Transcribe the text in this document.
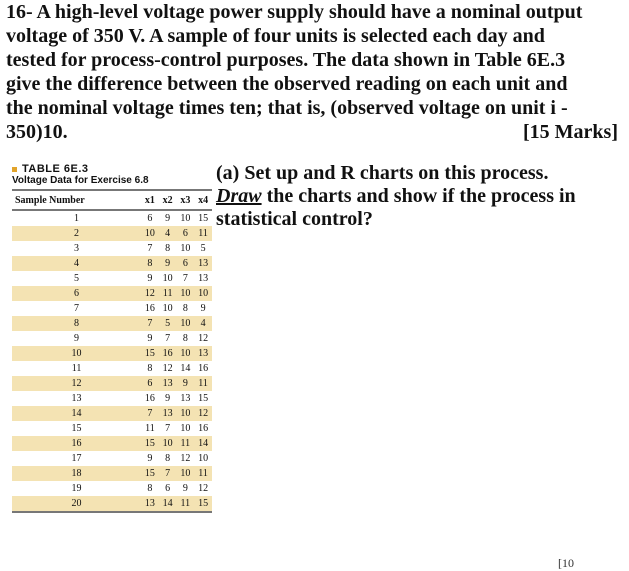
16- A high-level voltage power supply should have a nominal output
voltage of 350 V. A sample of four units is selected each day and
tested for process-control purposes. The data shown in Table 6E.3
give the difference between the observed reading on each unit and
the nominal voltage times ten; that is, (observed voltage on unit i -
350)10.	[15 Marks]
TABLE 6E.3
Voltage Data for Exercise 6.8
Sample Number	x1	x2	x3	x4
1	6	9	10	15
2	10	4	6	11
3	7	8	10	5
4	8	9	6	13
5	9	10	7	13
6	12	11	10	10
7	16	10	8	9
8	7	5	10	4
9	9	7	8	12
10	15	16	10	13
11	8	12	14	16
12	6	13	9	11
13	16	9	13	15
14	7	13	10	12
15	11	7	10	16
16	15	10	11	14
17	9	8	12	10
18	15	7	10	11
19	8	6	9	12
20	13	14	11	15
(a) Set up and R charts on this process.
Draw the charts and show if the process in
statistical control?
[10
